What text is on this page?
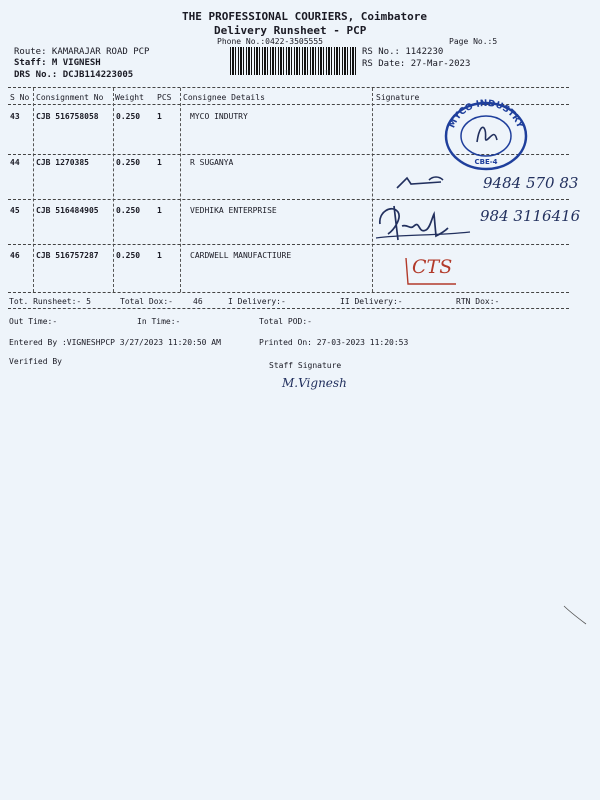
THE PROFESSIONAL COURIERS, Coimbatore
Delivery Runsheet - PCP
Phone No.:0422-3505555	Page No.:5
Route: KAMARAJAR ROAD PCP
Staff: M VIGNESH
DRS No.: DCJB114223005
RS No.: 1142230
RS Date: 27-Mar-2023
S No Consignment No Weight PCS Consignee Details	Signature
43 CJB 516758058 0.250 1	MYCO INDUTRY
44 CJB 1270385	0.250 1	R SUGANYA
45 CJB 516484905 0.250 1	VEDHIKA ENTERPRISE
46 CJB 516757287 0.250 1	CARDWELL MANUFACTIURE
MYCO INDUSTRY
CBE-4
9484 570 83
984 3116416
CTS
Tot. Runsheet:- 5	Total Dox:-	46	I Delivery:-	II Delivery:-	RTN Dox:-
Out Time:-	In Time:-	Total POD:-
Entered By :VIGNESHPCP 3/27/2023 11:20:50 AM	Printed On: 27-03-2023 11:20:53
Verified By	Staff Signature
M.Vignesh
